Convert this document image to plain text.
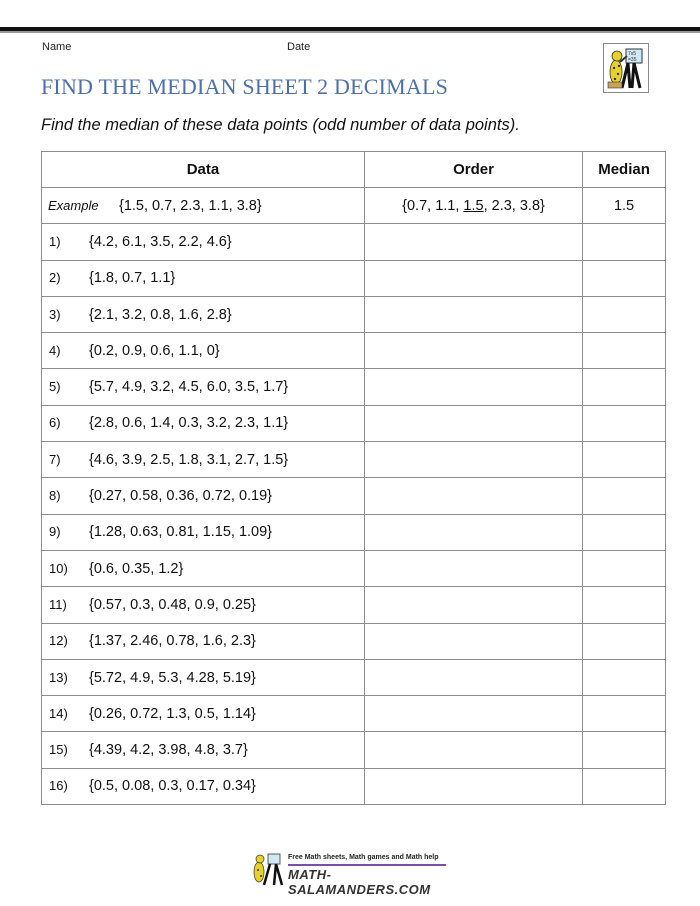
Name	Date
7x5
=35
FIND THE MEDIAN SHEET 2 DECIMALS
Find the median of these data points (odd number of data points).
Data	Order	Median
Example {1.5, 0.7, 2.3, 1.1, 3.8}	{0.7, 1.1, 1.5, 2.3, 3.8}	1.5
1) {4.2, 6.1, 3.5, 2.2, 4.6}		
2) {1.8, 0.7, 1.1}		
3) {2.1, 3.2, 0.8, 1.6, 2.8}		
4) {0.2, 0.9, 0.6, 1.1, 0}		
5) {5.7, 4.9, 3.2, 4.5, 6.0, 3.5, 1.7}		
6) {2.8, 0.6, 1.4, 0.3, 3.2, 2.3, 1.1}		
7) {4.6, 3.9, 2.5, 1.8, 3.1, 2.7, 1.5}		
8) {0.27, 0.58, 0.36, 0.72, 0.19}		
9) {1.28, 0.63, 0.81, 1.15, 1.09}		
10) {0.6, 0.35, 1.2}		
11) {0.57, 0.3, 0.48, 0.9, 0.25}		
12) {1.37, 2.46, 0.78, 1.6, 2.3}		
13) {5.72, 4.9, 5.3, 4.28, 5.19}		
14) {0.26, 0.72, 1.3, 0.5, 1.14}		
15) {4.39, 4.2, 3.98, 4.8, 3.7}		
16) {0.5, 0.08, 0.3, 0.17, 0.34}		
Free Math sheets, Math games and Math help
MATH-SALAMANDERS.COM
